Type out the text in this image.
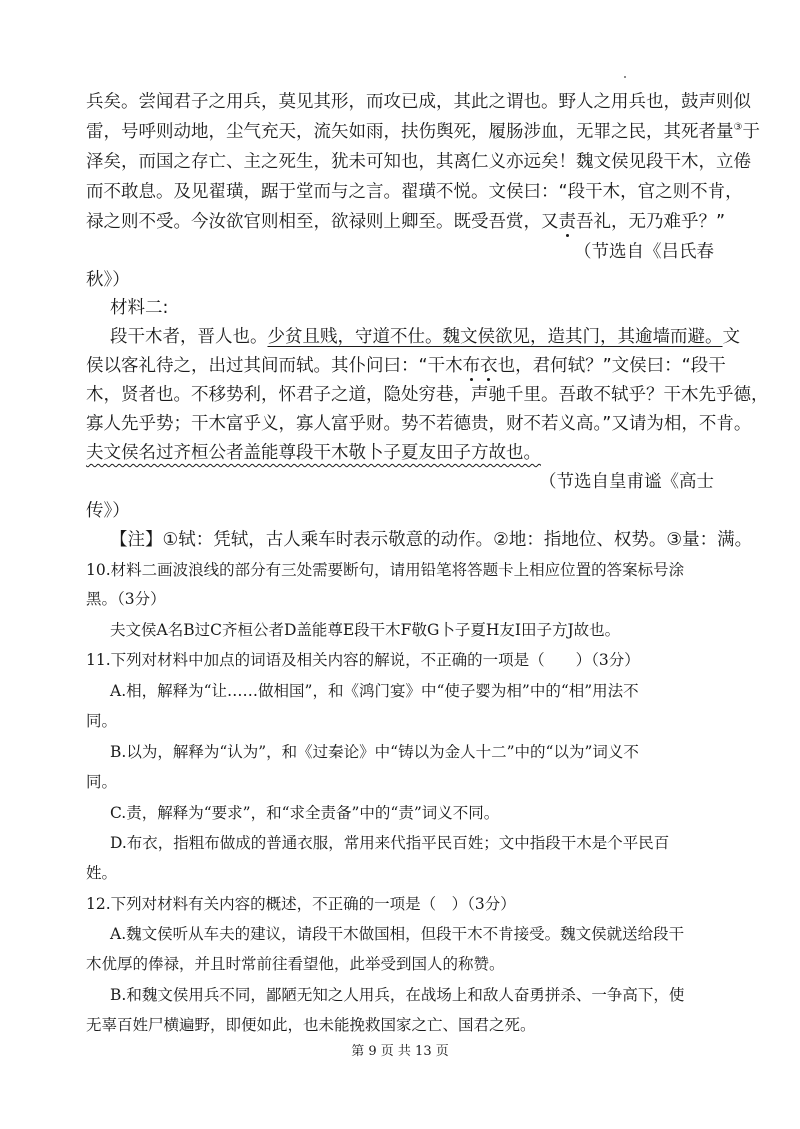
兵矣。尝闻君子之用兵，莫见其形，而攻已成，其此之谓也。野人之用兵也，鼓声则似
雷，号呼则动地，尘气充天，流矢如雨，扶伤舆死，履肠涉血，无罪之民，其死者量③于
泽矣，而国之存亡、主之死生，犹未可知也，其离仁义亦远矣！魏文侯见段干木，立倦
而不敢息。及见翟璜，踞于堂而与之言。翟璜不悦。文侯曰：“段干木，官之则不肯，
禄之则不受。今汝欲官则相至，欲禄则上卿至。既受吾赏，又责吾礼，无乃难乎？”
（节选自《吕氏春
秋》）
材料二:
段干木者，晋人也。少贫且贱，守道不仕。魏文侯欲见，造其门，其逾墙而避。文
侯以客礼待之，出过其间而轼。其仆问曰：“干木布衣也，君何轼？”文侯曰：“段干
木，贤者也。不移势利，怀君子之道，隐处穷巷，声驰千里。吾敢不轼乎？干木先乎德，
寡人先乎势；干木富乎义，寡人富乎财。势不若德贵，财不若义高。”又请为相，不肯。
夫文侯名过齐桓公者盖能尊段干木敬卜子夏友田子方故也。
（节选自皇甫谧《高士
传》）
【注】①轼：凭轼，古人乘车时表示敬意的动作。②地：指地位、权势。③量：满。
10.材料二画波浪线的部分有三处需要断句，请用铅笔将答题卡上相应位置的答案标号涂
黑。（3分）
夫文侯A名B过C齐桓公者D盖能尊E段干木F敬G卜子夏H友I田子方J故也。
11.下列对材料中加点的词语及相关内容的解说，不正确的一项是（　　）（3分）
A.相，解释为“让……做相国”，和《鸿门宴》中“使子婴为相”中的“相”用法不
同。
B.以为，解释为“认为”，和《过秦论》中“铸以为金人十二”中的“以为”词义不
同。
C.责，解释为“要求”，和“求全责备”中的“责”词义不同。
D.布衣，指粗布做成的普通衣服，常用来代指平民百姓；文中指段干木是个平民百
姓。
12.下列对材料有关内容的概述，不正确的一项是（　）（3分）
A.魏文侯听从车夫的建议，请段干木做国相，但段干木不肯接受。魏文侯就送给段干
木优厚的俸禄，并且时常前往看望他，此举受到国人的称赞。
B.和魏文侯用兵不同，鄙陋无知之人用兵，在战场上和敌人奋勇拼杀、一争高下，使
无辜百姓尸横遍野，即便如此，也未能挽救国家之亡、国君之死。
第 9 页 共 13 页
